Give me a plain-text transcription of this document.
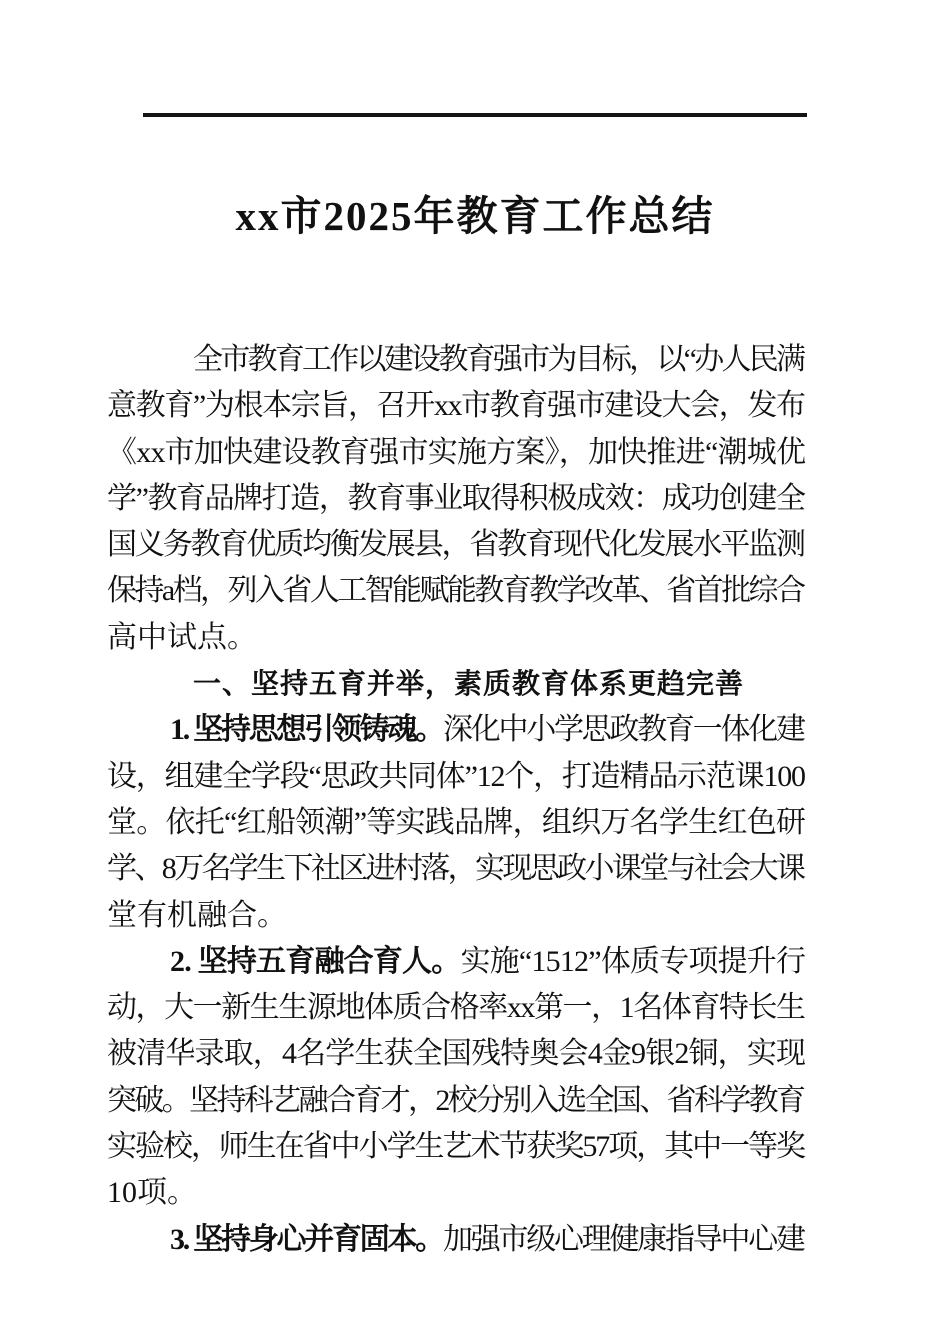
xx市2025年教育工作总结
全市教育工作以建设教育强市为目标，以“办人民满
意教育”为根本宗旨，召开xx市教育强市建设大会，发布
《xx市加快建设教育强市实施方案》，加快推进“潮城优
学”教育品牌打造，教育事业取得积极成效：成功创建全
国义务教育优质均衡发展县，省教育现代化发展水平监测
保持a档，列入省人工智能赋能教育教学改革、省首批综合
高中试点。
一、坚持五育并举，素质教育体系更趋完善
1. 坚持思想引领铸魂。深化中小学思政教育一体化建
设，组建全学段“思政共同体”12个，打造精品示范课100
堂。依托“红船领潮”等实践品牌，组织万名学生红色研
学、8万名学生下社区进村落，实现思政小课堂与社会大课
堂有机融合。
2. 坚持五育融合育人。实施“1512”体质专项提升行
动，大一新生生源地体质合格率xx第一，1名体育特长生
被清华录取，4名学生获全国残特奥会4金9银2铜，实现
突破。坚持科艺融合育才，2校分别入选全国、省科学教育
实验校，师生在省中小学生艺术节获奖57项，其中一等奖
10项。
3. 坚持身心并育固本。加强市级心理健康指导中心建
